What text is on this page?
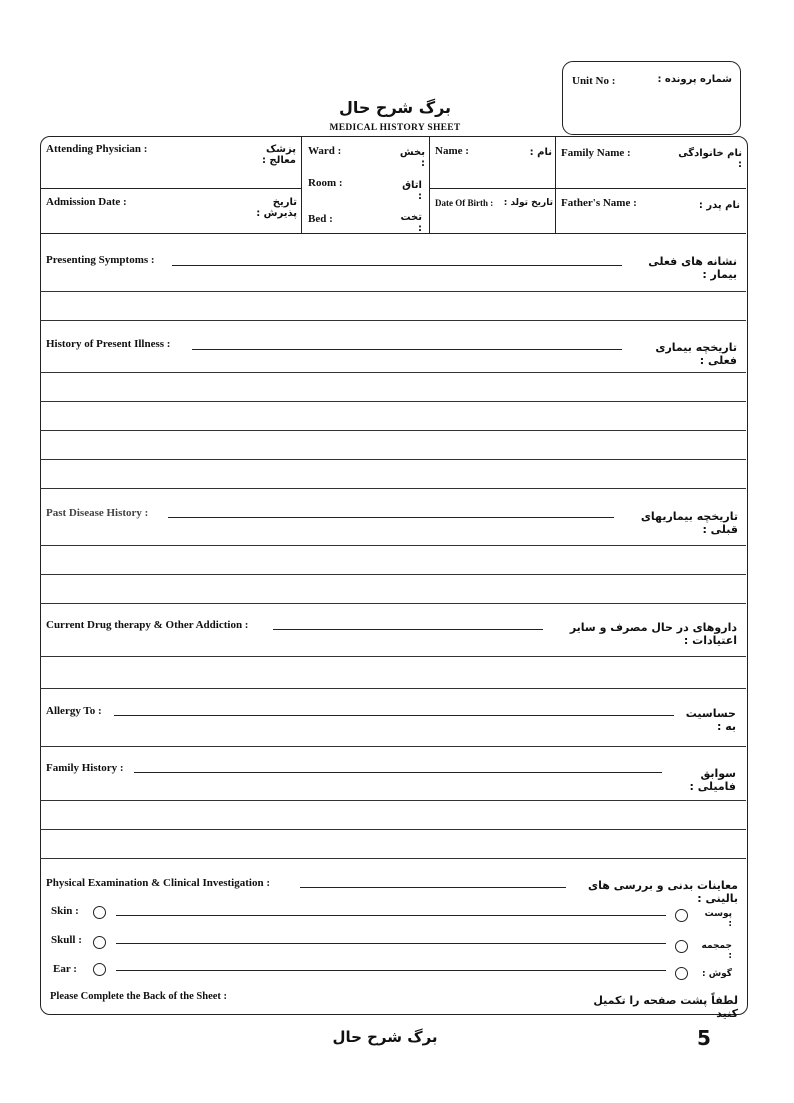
Unit No :	شماره پرونده :
برگ شرح حال
MEDICAL HISTORY SHEET
Attending Physician :	پزشک معالج :
Admission Date :	تاریخ پذیرش :
Ward :	بخش :
Room :	اتاق :
Bed :	تخت :
Name :	نام :
Date Of Birth : تاریخ تولد :
Family Name :	نام خانوادگی :
Father's Name :	نام پدر :
Presenting Symptoms :	نشانه های فعلی بیمار :
History of Present Illness :	تاریخچه بیماری فعلی :
Past Disease History :	تاریخچه بیماریهای قبلی :
Current Drug therapy & Other Addiction :	داروهای در حال مصرف و سایر اعتیادات :
Allergy To :	حساسیت به :
Family History :	سوابق فامیلی :
Physical Examination & Clinical Investigation :	معاینات بدنی و بررسی های بالینی :
Skin :	پوست :
Skull :	جمجمه :
Ear :	گوش :
Please Complete the Back of the Sheet :	لطفاً پشت صفحه را تکمیل کنید
برگ شرح حال	5
